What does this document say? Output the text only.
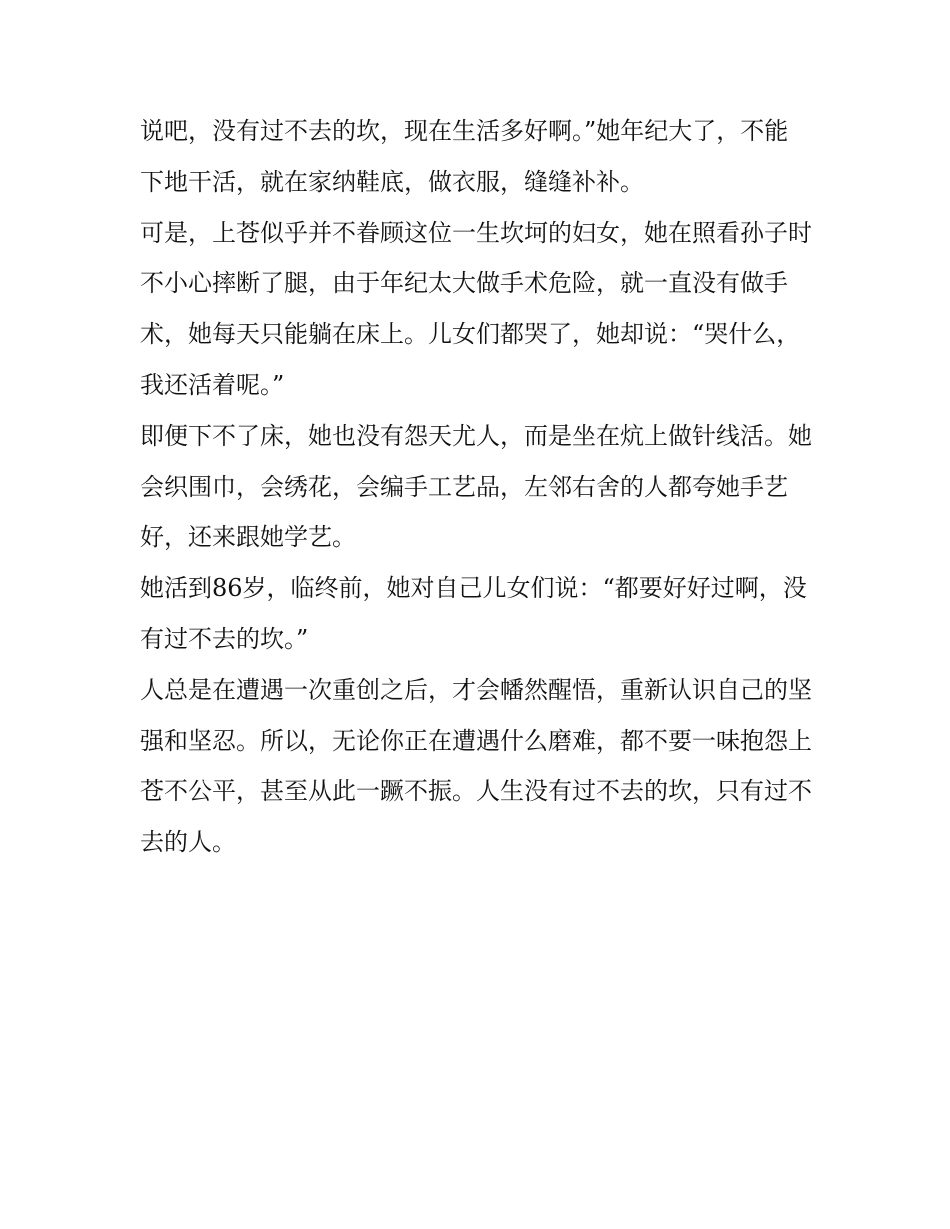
说吧，没有过不去的坎，现在生活多好啊。”她年纪大了，不能下地干活，就在家纳鞋底，做衣服，缝缝补补。

可是，上苍似乎并不眷顾这位一生坎坷的妇女，她在照看孙子时不小心摔断了腿，由于年纪太大做手术危险，就一直没有做手术，她每天只能躺在床上。儿女们都哭了，她却说：“哭什么，我还活着呢。”

即便下不了床，她也没有怨天尤人，而是坐在炕上做针线活。她会织围巾，会绣花，会编手工艺品，左邻右舍的人都夸她手艺好，还来跟她学艺。

她活到86岁，临终前，她对自己儿女们说：“都要好好过啊，没有过不去的坎。”

人总是在遭遇一次重创之后，才会幡然醒悟，重新认识自己的坚强和坚忍。所以，无论你正在遭遇什么磨难，都不要一味抱怨上苍不公平，甚至从此一蹶不振。人生没有过不去的坎，只有过不去的人。
